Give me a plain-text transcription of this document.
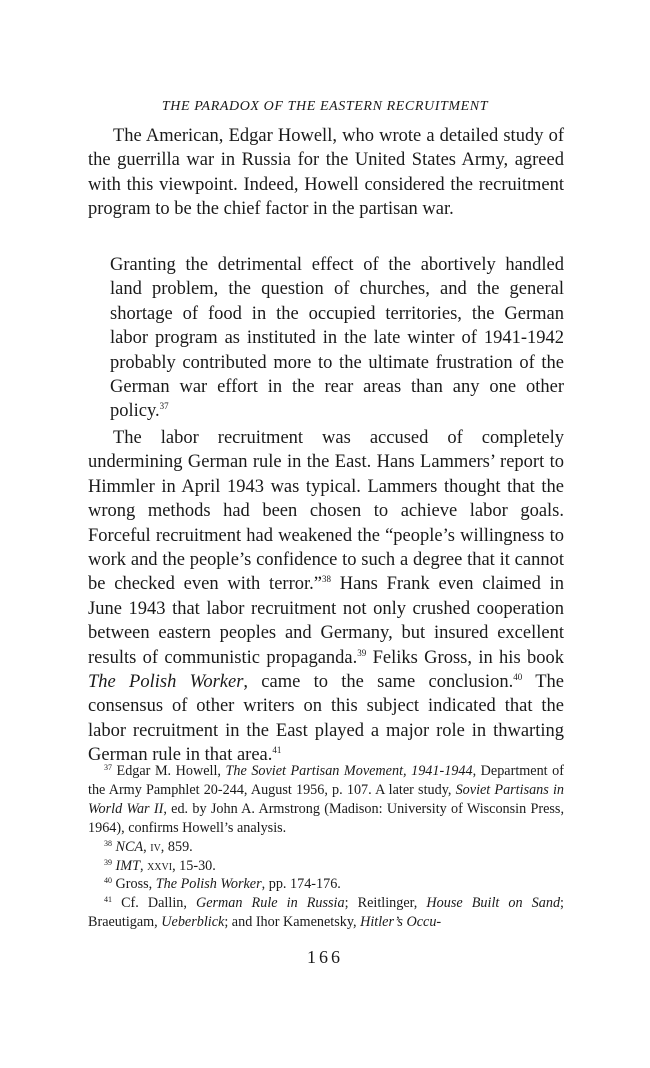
THE PARADOX OF THE EASTERN RECRUITMENT

The American, Edgar Howell, who wrote a detailed study of the guerrilla war in Russia for the United States Army, agreed with this viewpoint. Indeed, Howell considered the recruitment program to be the chief factor in the partisan war.

Granting the detrimental effect of the abortively handled land problem, the question of churches, and the general shortage of food in the occupied territories, the German labor program as instituted in the late winter of 1941-1942 probably contributed more to the ultimate frustration of the German war effort in the rear areas than any one other policy.$^{37}$

The labor recruitment was accused of completely undermining German rule in the East. Hans Lammers’ report to Himmler in April 1943 was typical. Lammers thought that the wrong methods had been chosen to achieve labor goals. Forceful recruitment had weakened the “people’s willingness to work and the people’s confidence to such a degree that it cannot be checked even with terror.”$^{38}$ Hans Frank even claimed in June 1943 that labor recruitment not only crushed cooperation between eastern peoples and Germany, but insured excellent results of communistic propaganda.$^{39}$ Feliks Gross, in his book The Polish Worker, came to the same conclusion.$^{40}$ The consensus of other writers on this subject indicated that the labor recruitment in the East played a major role in thwarting German rule in that area.$^{41}$

$^{37}$ Edgar M. Howell, The Soviet Partisan Movement, 1941-1944, Department of the Army Pamphlet 20-244, August 1956, p. 107. A later study, Soviet Partisans in World War II, ed. by John A. Armstrong (Madison: University of Wisconsin Press, 1964), confirms Howell’s analysis.

$^{38}$ NCA, iv, 859.

$^{39}$ IMT, xxvi, 15-30.

$^{40}$ Gross, The Polish Worker, pp. 174-176.

$^{41}$ Cf. Dallin, German Rule in Russia; Reitlinger, House Built on Sand; Braeutigam, Ueberblick; and Ihor Kamenetsky, Hitler’s Occu-

166
